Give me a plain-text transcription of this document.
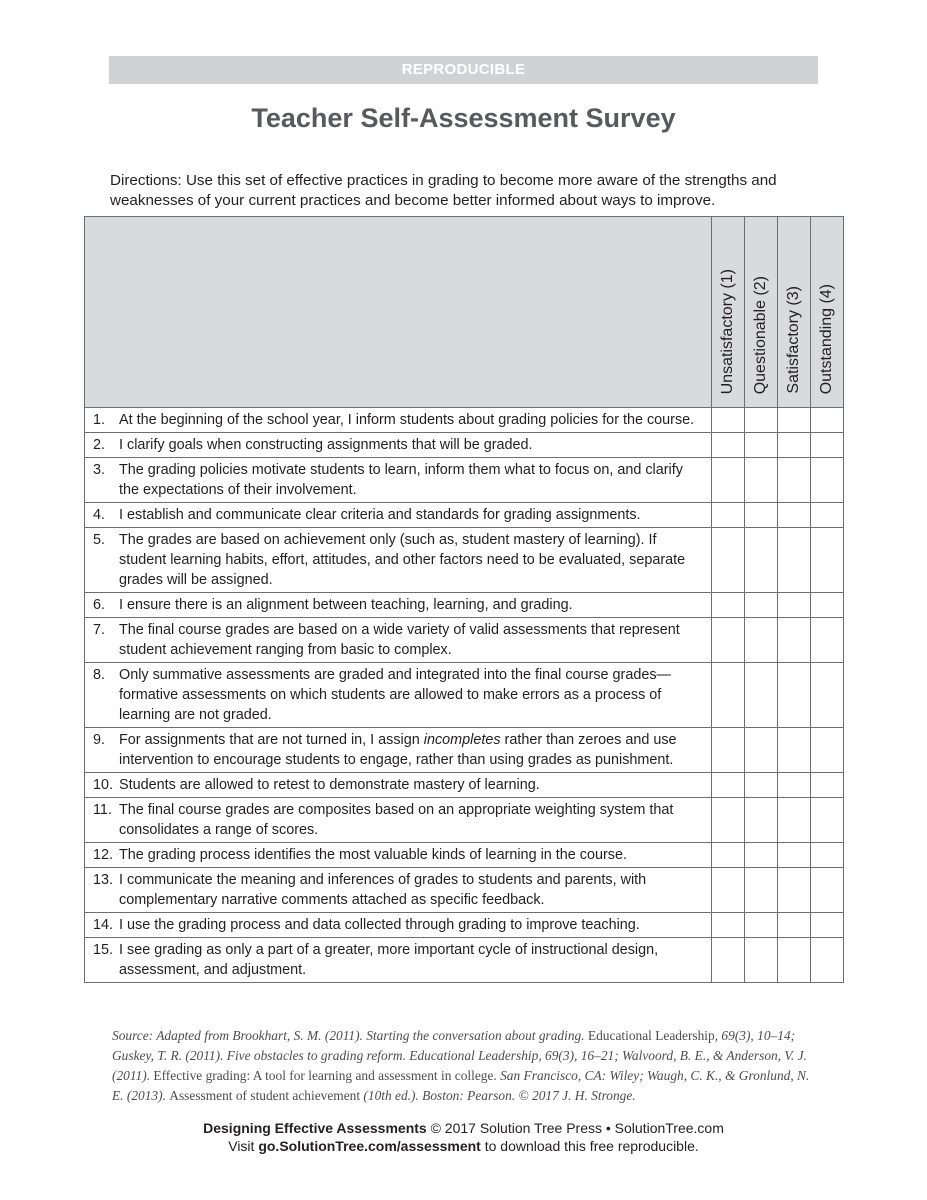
REPRODUCIBLE
Teacher Self-Assessment Survey
Directions: Use this set of effective practices in grading to become more aware of the strengths and weaknesses of your current practices and become better informed about ways to improve.

	Unsatisfactory (1)	Questionable (2)	Satisfactory (3)	Outstanding (4)

1. At the beginning of the school year, I inform students about grading policies for the course.				

2. I clarify goals when constructing assignments that will be graded.				

3. The grading policies motivate students to learn, inform them what to focus on, and clarify the expectations of their involvement.				

4. I establish and communicate clear criteria and standards for grading assignments.				

5. The grades are based on achievement only (such as, student mastery of learning). If student learning habits, effort, attitudes, and other factors need to be evaluated, separate grades will be assigned.				

6. I ensure there is an alignment between teaching, learning, and grading.				

7. The final course grades are based on a wide variety of valid assessments that represent student achievement ranging from basic to complex.				

8. Only summative assessments are graded and integrated into the final course grades—formative assessments on which students are allowed to make errors as a process of learning are not graded.				

9. For assignments that are not turned in, I assign incompletes rather than zeroes and use intervention to encourage students to engage, rather than using grades as punishment.				

10. Students are allowed to retest to demonstrate mastery of learning.				

11. The final course grades are composites based on an appropriate weighting system that consolidates a range of scores.				

12. The grading process identifies the most valuable kinds of learning in the course.				

13. I communicate the meaning and inferences of grades to students and parents, with complementary narrative comments attached as specific feedback.				

14. I use the grading process and data collected through grading to improve teaching.				

15. I see grading as only a part of a greater, more important cycle of instructional design, assessment, and adjustment.				

Source: Adapted from Brookhart, S. M. (2011). Starting the conversation about grading. Educational Leadership, 69(3), 10–14; Guskey, T. R. (2011). Five obstacles to grading reform. Educational Leadership, 69(3), 16–21; Walvoord, B. E., & Anderson, V. J. (2011). Effective grading: A tool for learning and assessment in college. San Francisco, CA: Wiley; Waugh, C. K., & Gronlund, N. E. (2013). Assessment of student achievement (10th ed.). Boston: Pearson. © 2017 J. H. Stronge.
Designing Effective Assessments © 2017 Solution Tree Press • SolutionTree.com
Visit go.SolutionTree.com/assessment to download this free reproducible.
